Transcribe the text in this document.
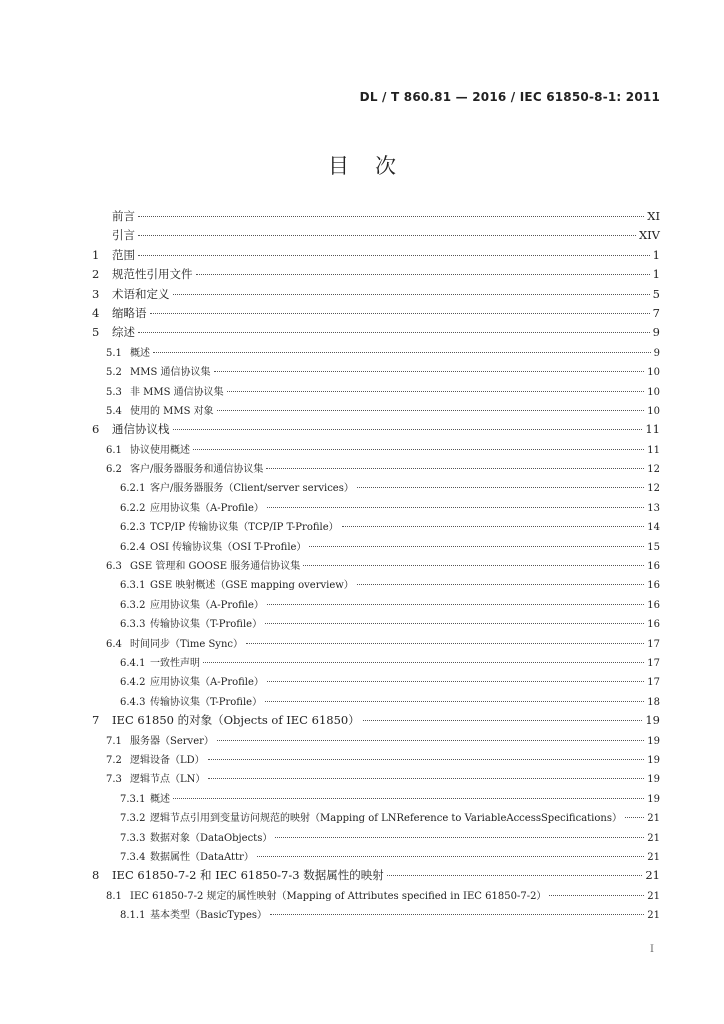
DL / T 860.81 — 2016 / IEC 61850-8-1: 2011
目次
前言	XI
引言	XIV
1	范围	1
2	规范性引用文件	1
3	术语和定义	5
4	缩略语	7
5	综述	9
5.1 概述	9
5.2 MMS 通信协议集	10
5.3 非 MMS 通信协议集	10
5.4 使用的 MMS 对象	10
6	通信协议栈	11
6.1 协议使用概述	11
6.2 客户/服务器服务和通信协议集	12
6.2.1 客户/服务器服务（Client/server services）	12
6.2.2 应用协议集（A-Profile）	13
6.2.3 TCP/IP 传输协议集（TCP/IP T-Profile）	14
6.2.4 OSI 传输协议集（OSI T-Profile）	15
6.3 GSE 管理和 GOOSE 服务通信协议集	16
6.3.1 GSE 映射概述（GSE mapping overview）	16
6.3.2 应用协议集（A-Profile）	16
6.3.3 传输协议集（T-Profile）	16
6.4 时间同步（Time Sync）	17
6.4.1 一致性声明	17
6.4.2 应用协议集（A-Profile）	17
6.4.3 传输协议集（T-Profile）	18
7	IEC 61850 的对象（Objects of IEC 61850）	19
7.1 服务器（Server）	19
7.2 逻辑设备（LD）	19
7.3 逻辑节点（LN）	19
7.3.1 概述	19
7.3.2 逻辑节点引用到变量访问规范的映射（Mapping of LNReference to VariableAccessSpecifications）	21
7.3.3 数据对象（DataObjects）	21
7.3.4 数据属性（DataAttr）	21
8	IEC 61850-7-2 和 IEC 61850-7-3 数据属性的映射	21
8.1 IEC 61850-7-2 规定的属性映射（Mapping of Attributes specified in IEC 61850-7-2）	21
8.1.1 基本类型（BasicTypes）	21
I
